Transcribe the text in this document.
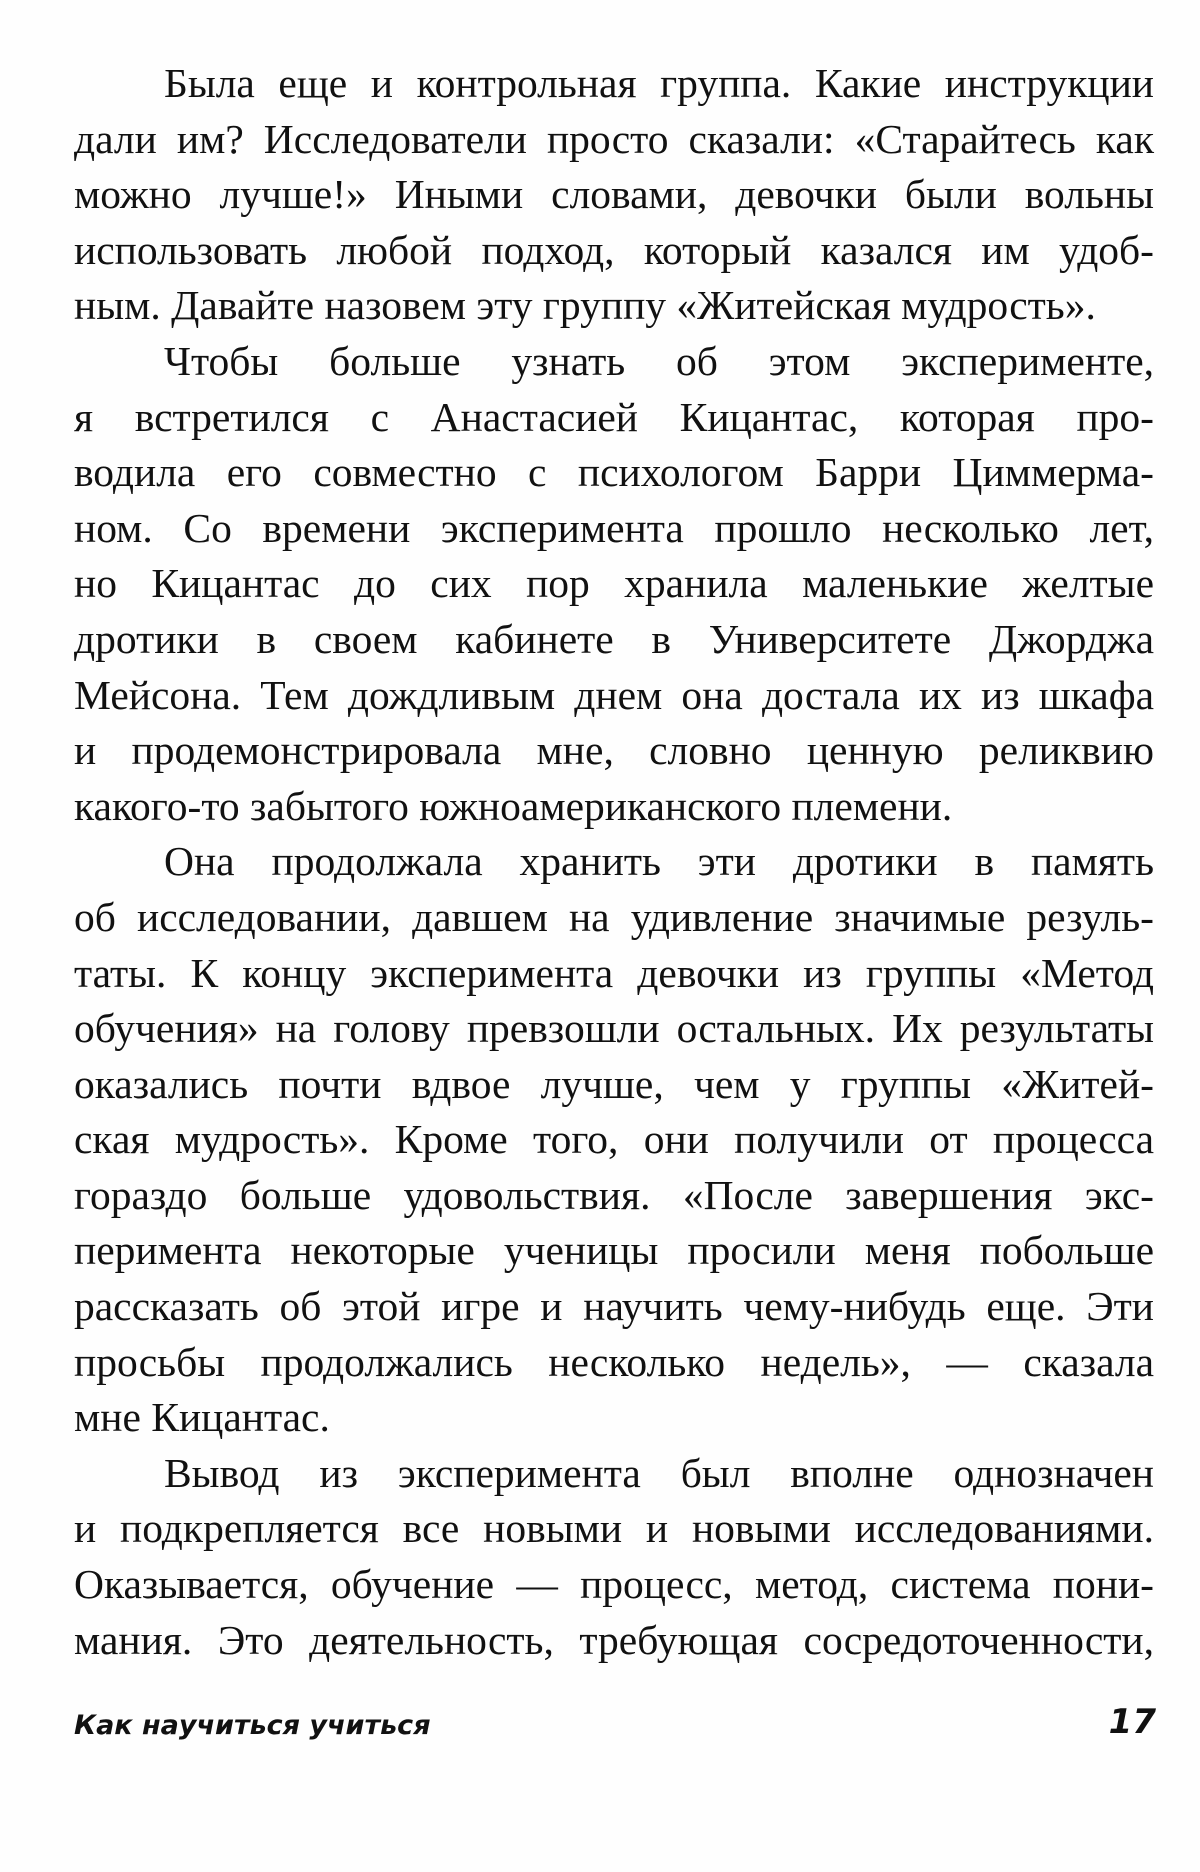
Была еще и контрольная группа. Какие инструкции
дали им? Исследователи просто сказали: «Старайтесь как
можно лучше!» Иными словами, девочки были вольны
использовать любой подход, который казался им удоб-
ным. Давайте назовем эту группу «Житейская мудрость».

Чтобы больше узнать об этом эксперименте,
я встретился с Анастасией Кицантас, которая про-
водила его совместно с психологом Барри Циммерма-
ном. Со времени эксперимента прошло несколько лет,
но Кицантас до сих пор хранила маленькие желтые
дротики в своем кабинете в Университете Джорджа
Мейсона. Тем дождливым днем она достала их из шкафа
и продемонстрировала мне, словно ценную реликвию
какого-то забытого южноамериканского племени.

Она продолжала хранить эти дротики в память
об исследовании, давшем на удивление значимые резуль-
таты. К концу эксперимента девочки из группы «Метод
обучения» на голову превзошли остальных. Их результаты
оказались почти вдвое лучше, чем у группы «Житей-
ская мудрость». Кроме того, они получили от процесса
гораздо больше удовольствия. «После завершения экс-
перимента некоторые ученицы просили меня побольше
рассказать об этой игре и научить чему-нибудь еще. Эти
просьбы продолжались несколько недель», — сказала
мне Кицантас.

Вывод из эксперимента был вполне однозначен
и подкрепляется все новыми и новыми исследованиями.
Оказывается, обучение — процесс, метод, система пони-
мания. Это деятельность, требующая сосредоточенности,

Как научиться учиться	17
